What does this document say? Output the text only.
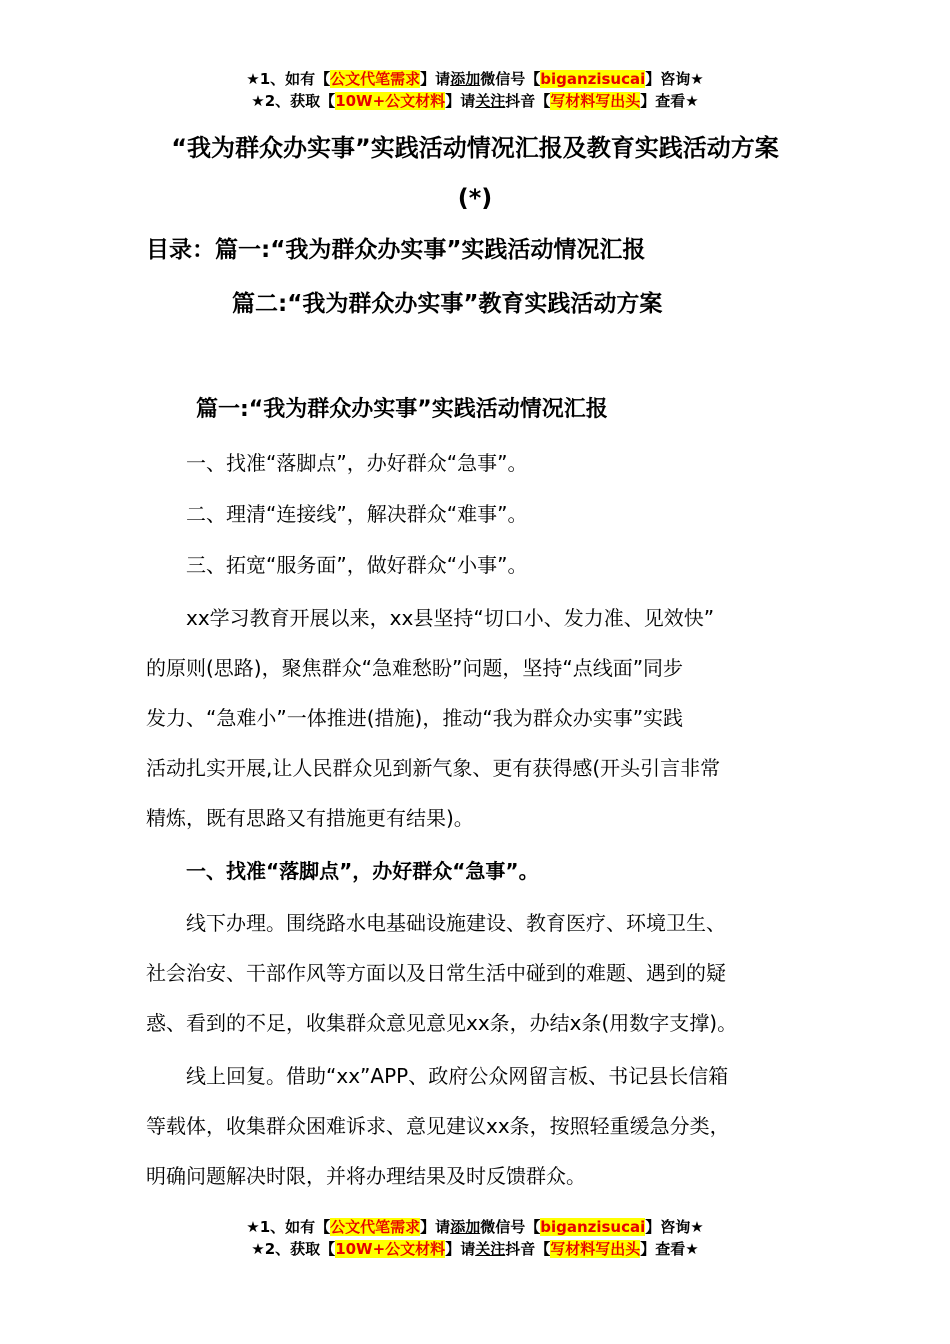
★1、如有【公文代笔需求】请添加微信号【biganzisucai】咨询★
★2、获取【10W+公文材料】请关注抖音【写材料写出头】查看★
“我为群众办实事”实践活动情况汇报及教育实践活动方案
(*)
目录：篇一:“我为群众办实事”实践活动情况汇报
篇二:“我为群众办实事”教育实践活动方案
篇一:“我为群众办实事”实践活动情况汇报
一、找准“落脚点”，办好群众“急事”。
二、理清“连接线”，解决群众“难事”。
三、拓宽“服务面”，做好群众“小事”。
xx学习教育开展以来，xx县坚持“切口小、发力准、见效快”
的原则(思路)，聚焦群众“急难愁盼”问题，坚持“点线面”同步
发力、“急难小”一体推进(措施)，推动“我为群众办实事”实践
活动扎实开展,让人民群众见到新气象、更有获得感(开头引言非常
精炼，既有思路又有措施更有结果)。
一、找准“落脚点”，办好群众“急事”。
线下办理。围绕路水电基础设施建设、教育医疗、环境卫生、
社会治安、干部作风等方面以及日常生活中碰到的难题、遇到的疑
惑、看到的不足，收集群众意见意见xx条，办结x条(用数字支撑)。
线上回复。借助“xx”APP、政府公众网留言板、书记县长信箱
等载体，收集群众困难诉求、意见建议xx条，按照轻重缓急分类，
明确问题解决时限，并将办理结果及时反馈群众。
★1、如有【公文代笔需求】请添加微信号【biganzisucai】咨询★
★2、获取【10W+公文材料】请关注抖音【写材料写出头】查看★
